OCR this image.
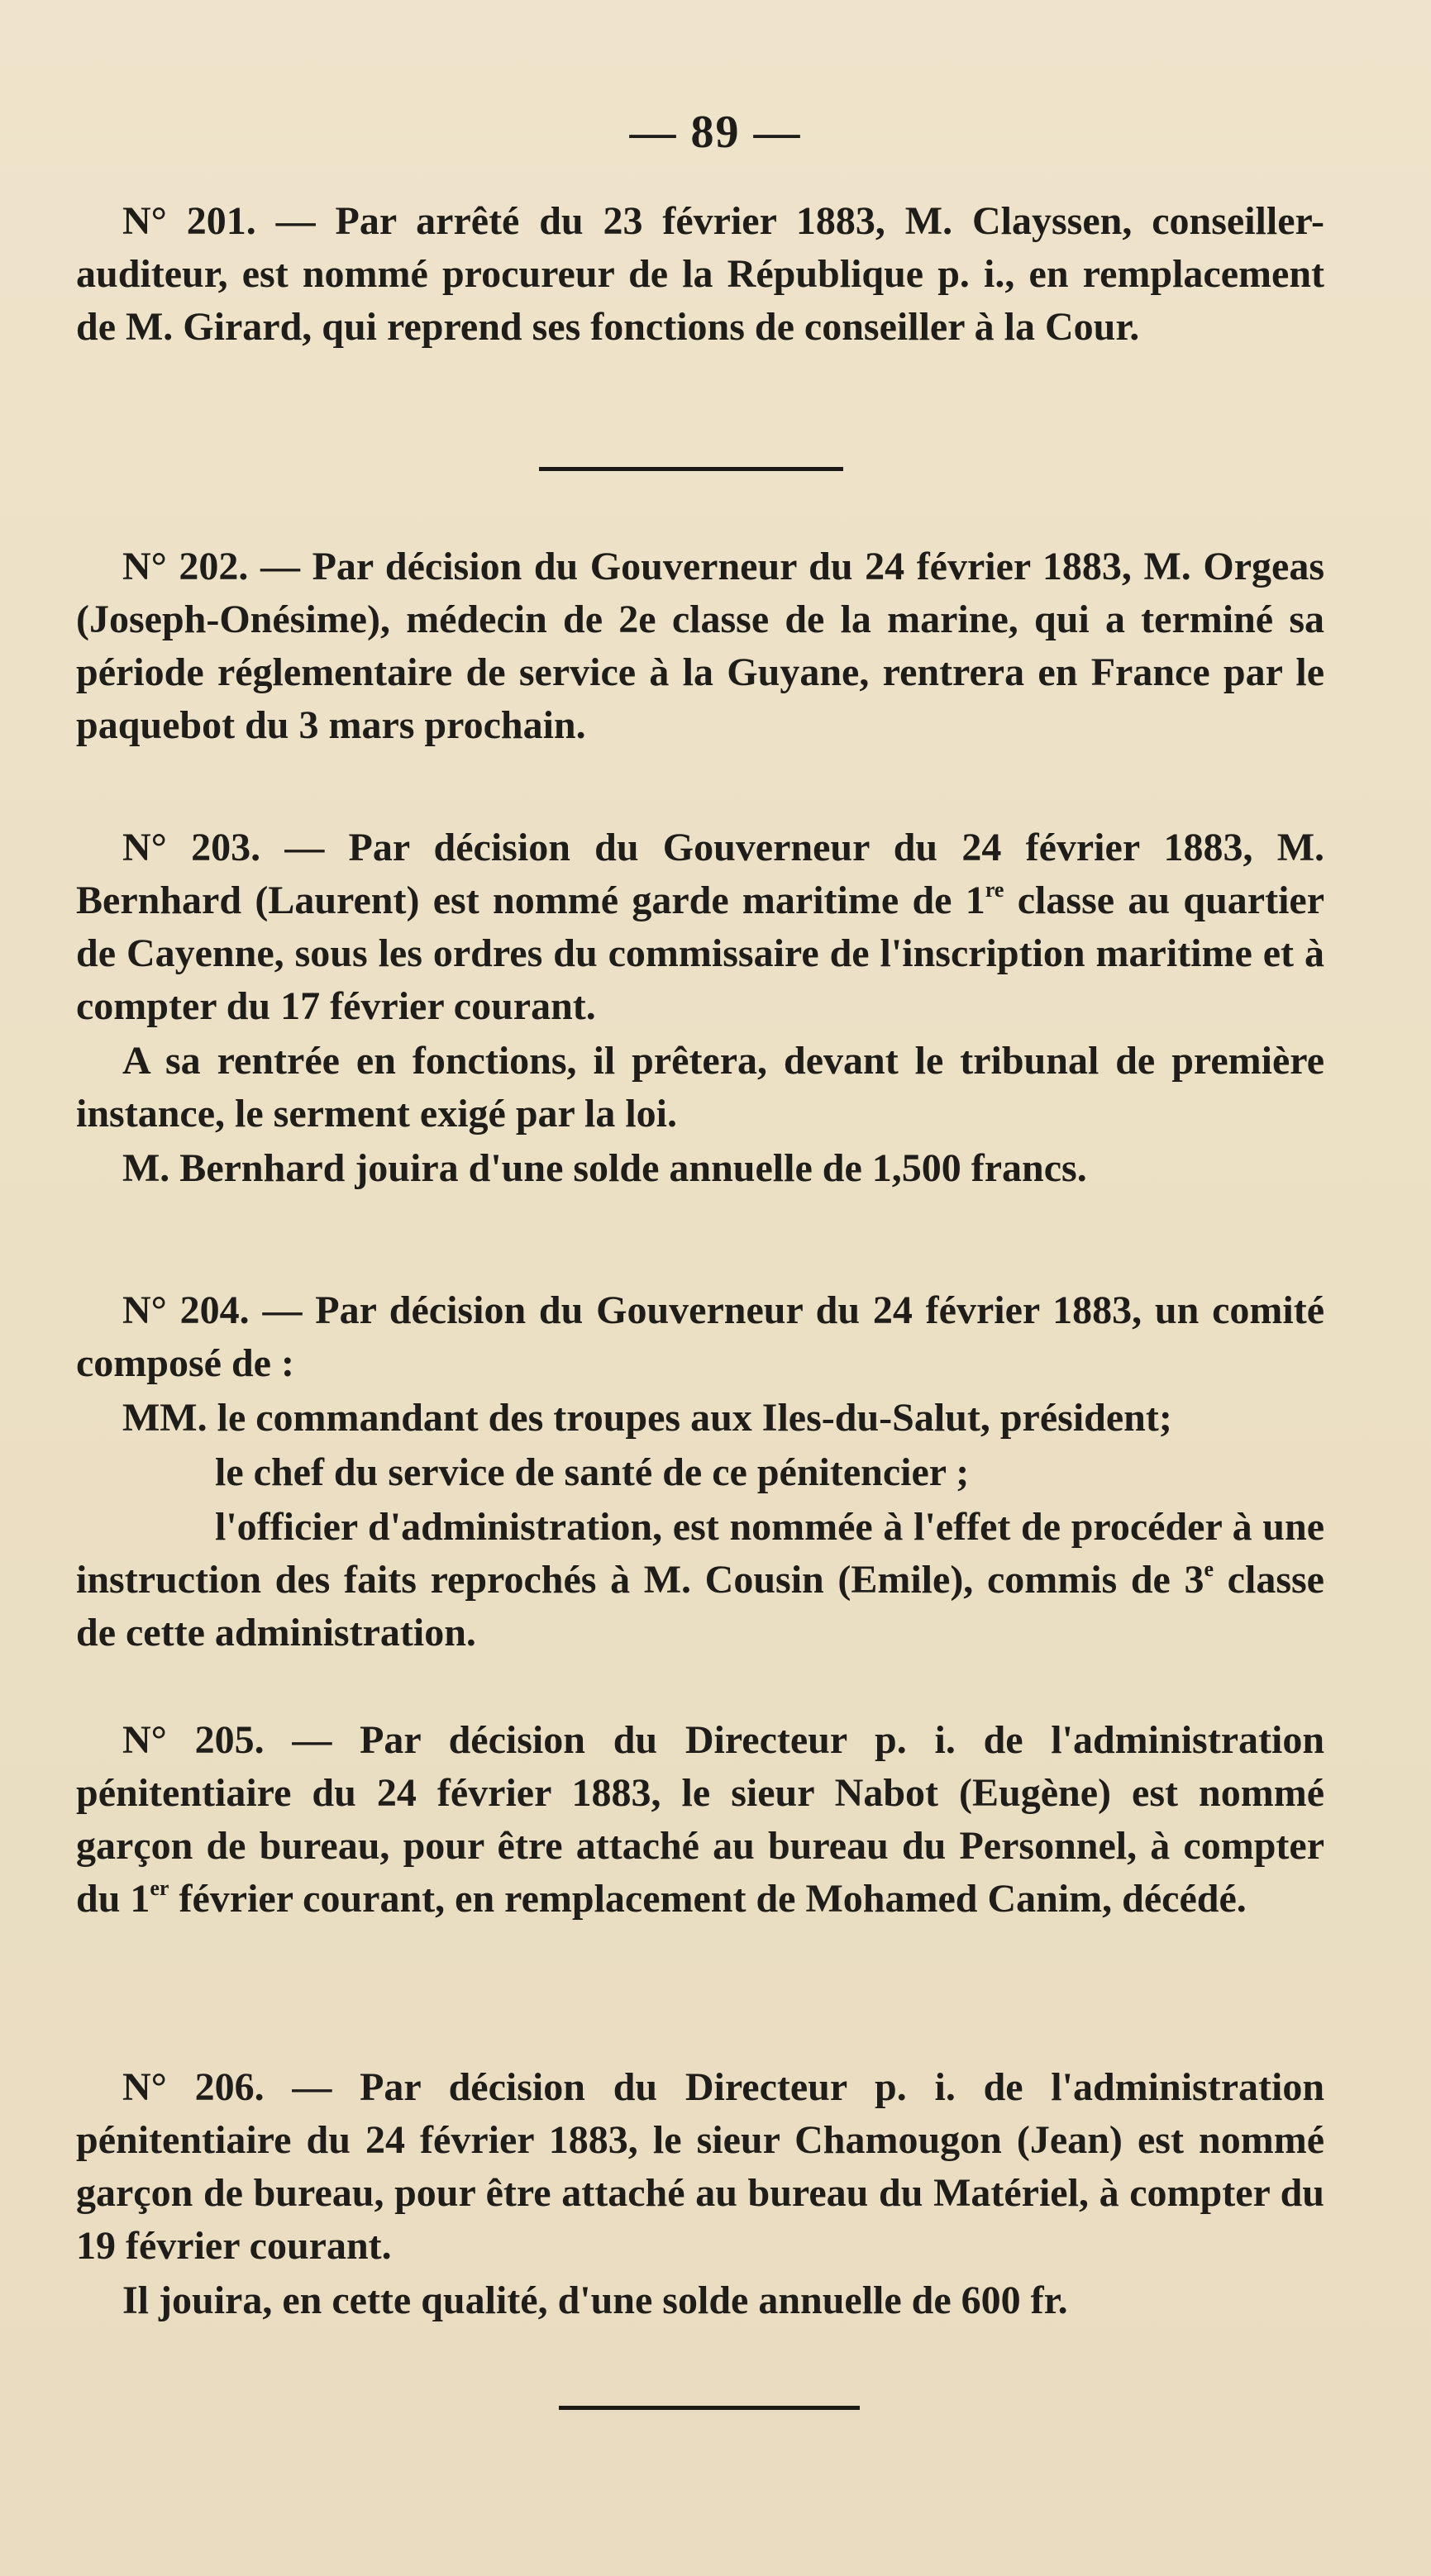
— 89 —

N° 201. — Par arrêté du 23 février 1883, M. Clayssen, conseiller-auditeur, est nommé procureur de la République p. i., en remplacement de M. Girard, qui reprend ses fonctions de conseiller à la Cour.

N° 202. — Par décision du Gouverneur du 24 février 1883, M. Orgeas (Joseph-Onésime), médecin de 2e classe de la marine, qui a terminé sa période réglementaire de service à la Guyane, rentrera en France par le paquebot du 3 mars prochain.

N° 203. — Par décision du Gouverneur du 24 février 1883, M. Bernhard (Laurent) est nommé garde maritime de 1re classe au quartier de Cayenne, sous les ordres du commissaire de l'inscription maritime et à compter du 17 février courant.

A sa rentrée en fonctions, il prêtera, devant le tribunal de première instance, le serment exigé par la loi.

M. Bernhard jouira d'une solde annuelle de 1,500 francs.

N° 204. — Par décision du Gouverneur du 24 février 1883, un comité composé de :

MM. le commandant des troupes aux Iles-du-Salut, président;

le chef du service de santé de ce pénitencier ;

l'officier d'administration, est nommée à l'effet de procéder à une instruction des faits reprochés à M. Cousin (Emile), commis de 3e classe de cette administration.

N° 205. — Par décision du Directeur p. i. de l'administration pénitentiaire du 24 février 1883, le sieur Nabot (Eugène) est nommé garçon de bureau, pour être attaché au bureau du Personnel, à compter du 1er février courant, en remplacement de Mohamed Canim, décédé.

N° 206. — Par décision du Directeur p. i. de l'administration pénitentiaire du 24 février 1883, le sieur Chamougon (Jean) est nommé garçon de bureau, pour être attaché au bureau du Matériel, à compter du 19 février courant.

Il jouira, en cette qualité, d'une solde annuelle de 600 fr.
